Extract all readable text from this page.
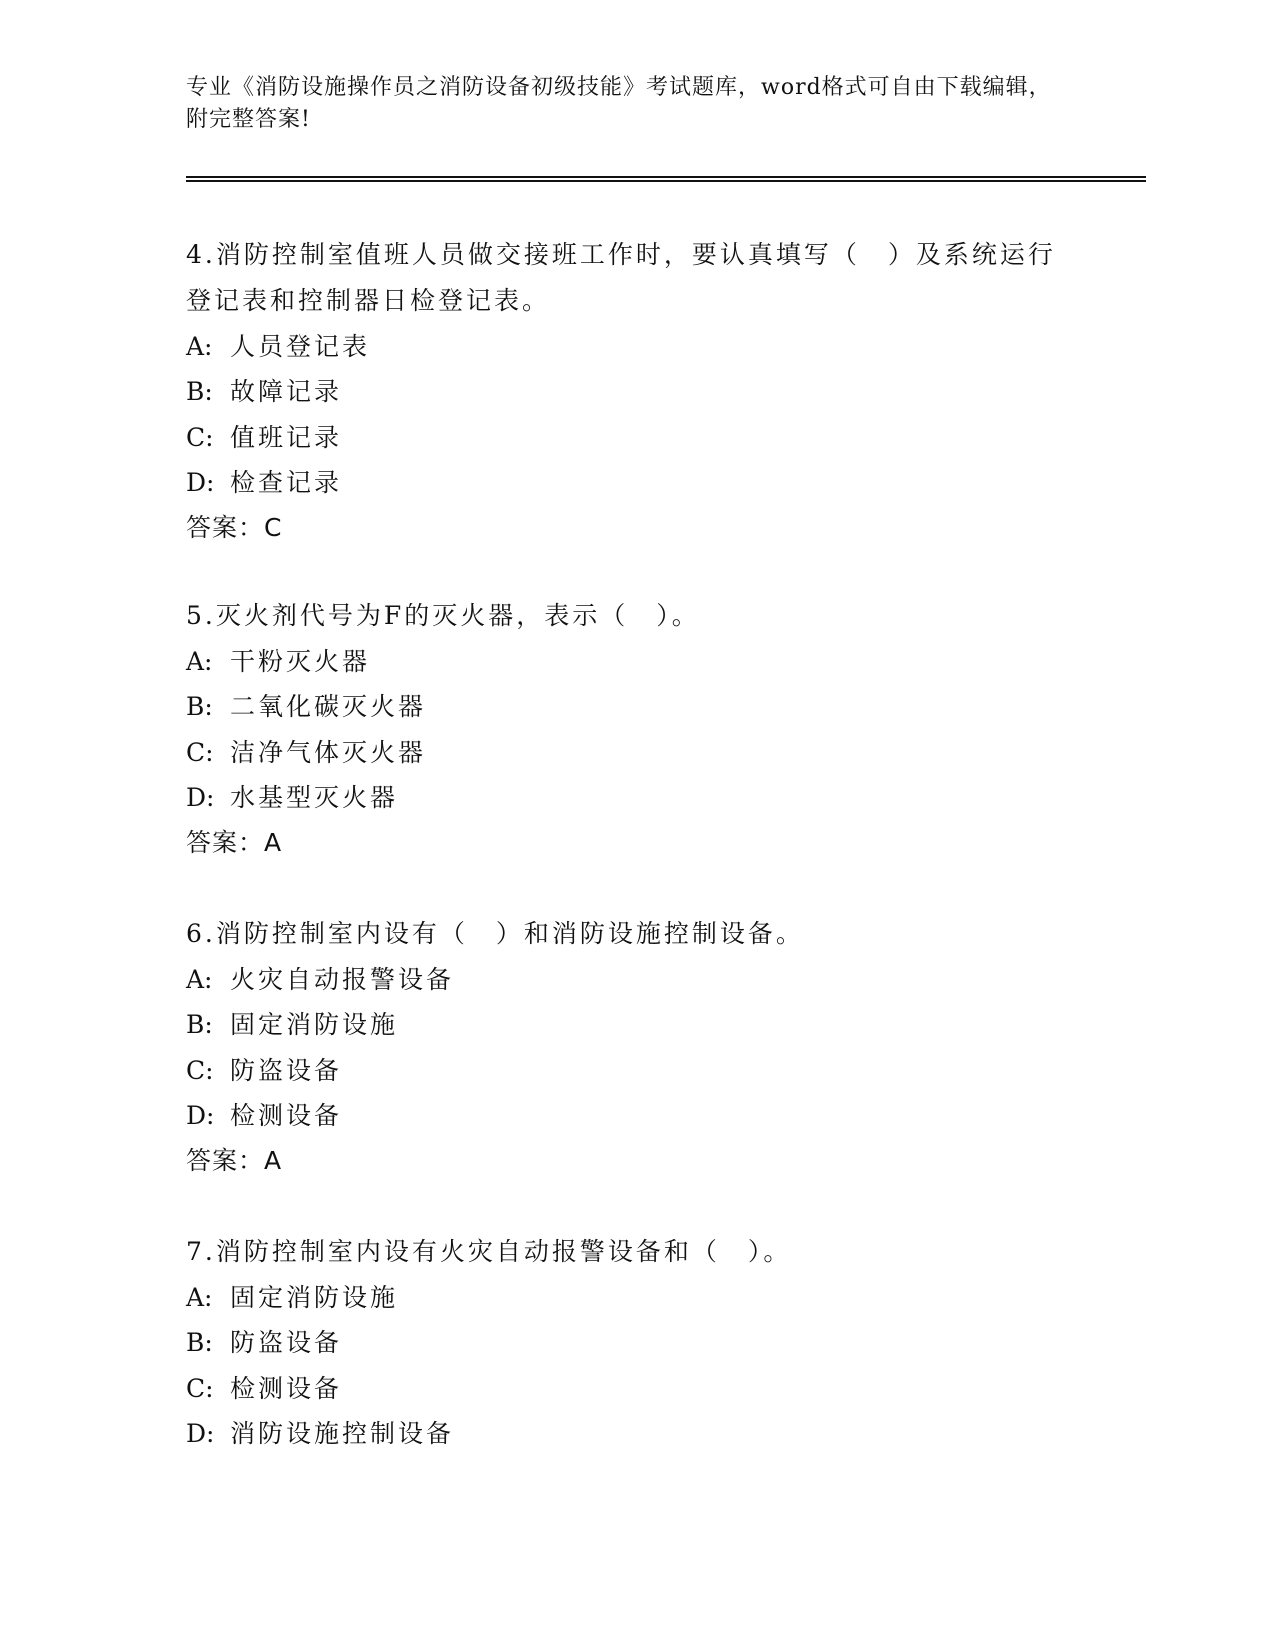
专业《消防设施操作员之消防设备初级技能》考试题库，word格式可自由下载编辑，附完整答案!
4.消防控制室值班人员做交接班工作时，要认真填写（　）及系统运行登记表和控制器日检登记表。
A: 人员登记表
B: 故障记录
C: 值班记录
D: 检查记录
答案：C
5.灭火剂代号为F的灭火器，表示（　）。
A: 干粉灭火器
B: 二氧化碳灭火器
C: 洁净气体灭火器
D: 水基型灭火器
答案：A
6.消防控制室内设有（　）和消防设施控制设备。
A: 火灾自动报警设备
B: 固定消防设施
C: 防盗设备
D: 检测设备
答案：A
7.消防控制室内设有火灾自动报警设备和（　）。
A: 固定消防设施
B: 防盗设备
C: 检测设备
D: 消防设施控制设备
